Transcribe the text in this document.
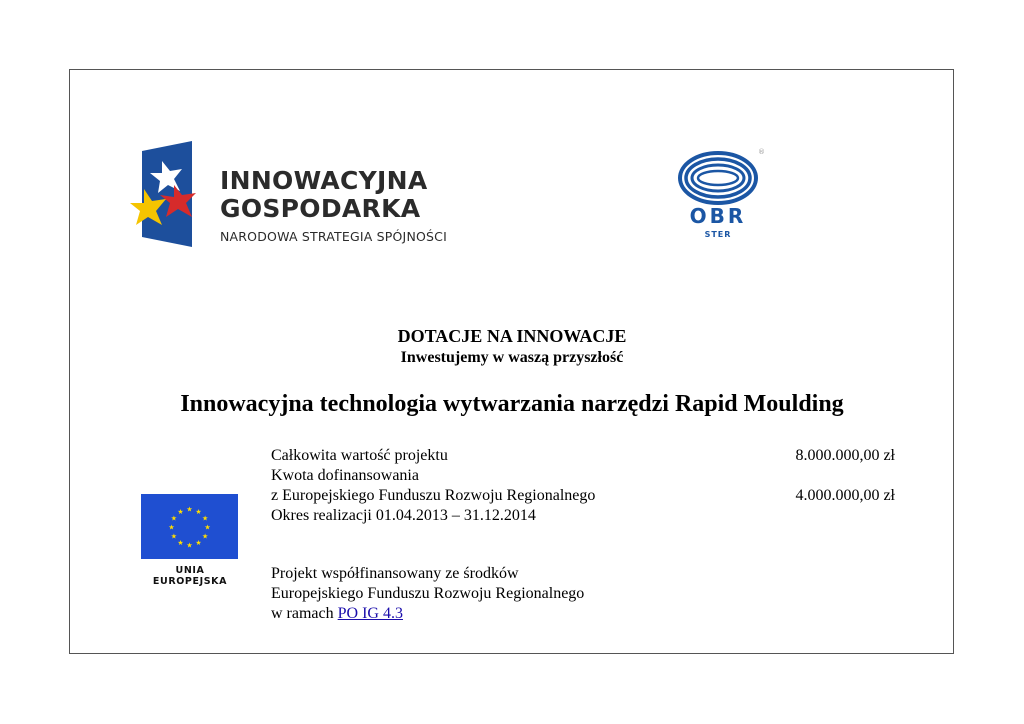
INNOWACYJNA
GOSPODARKA
NARODOWA STRATEGIA SPÓJNOŚCI
®
OBR
STER
DOTACJE NA INNOWACJE
Inwestujemy w waszą przyszłość
Innowacyjna technologia wytwarzania narzędzi Rapid Moulding
Całkowita wartość projektu	8.000.000,00 zł
Kwota dofinansowania
z Europejskiego Funduszu Rozwoju Regionalnego	4.000.000,00 zł
Okres realizacji 01.04.2013 – 31.12.2014
★ ★
★
★
★
★
★
★
★
★
★
★
UNIA EUROPEJSKA	Projekt współfinansowany ze środków
Europejskiego Funduszu Rozwoju Regionalnego
w ramach PO IG 4.3
